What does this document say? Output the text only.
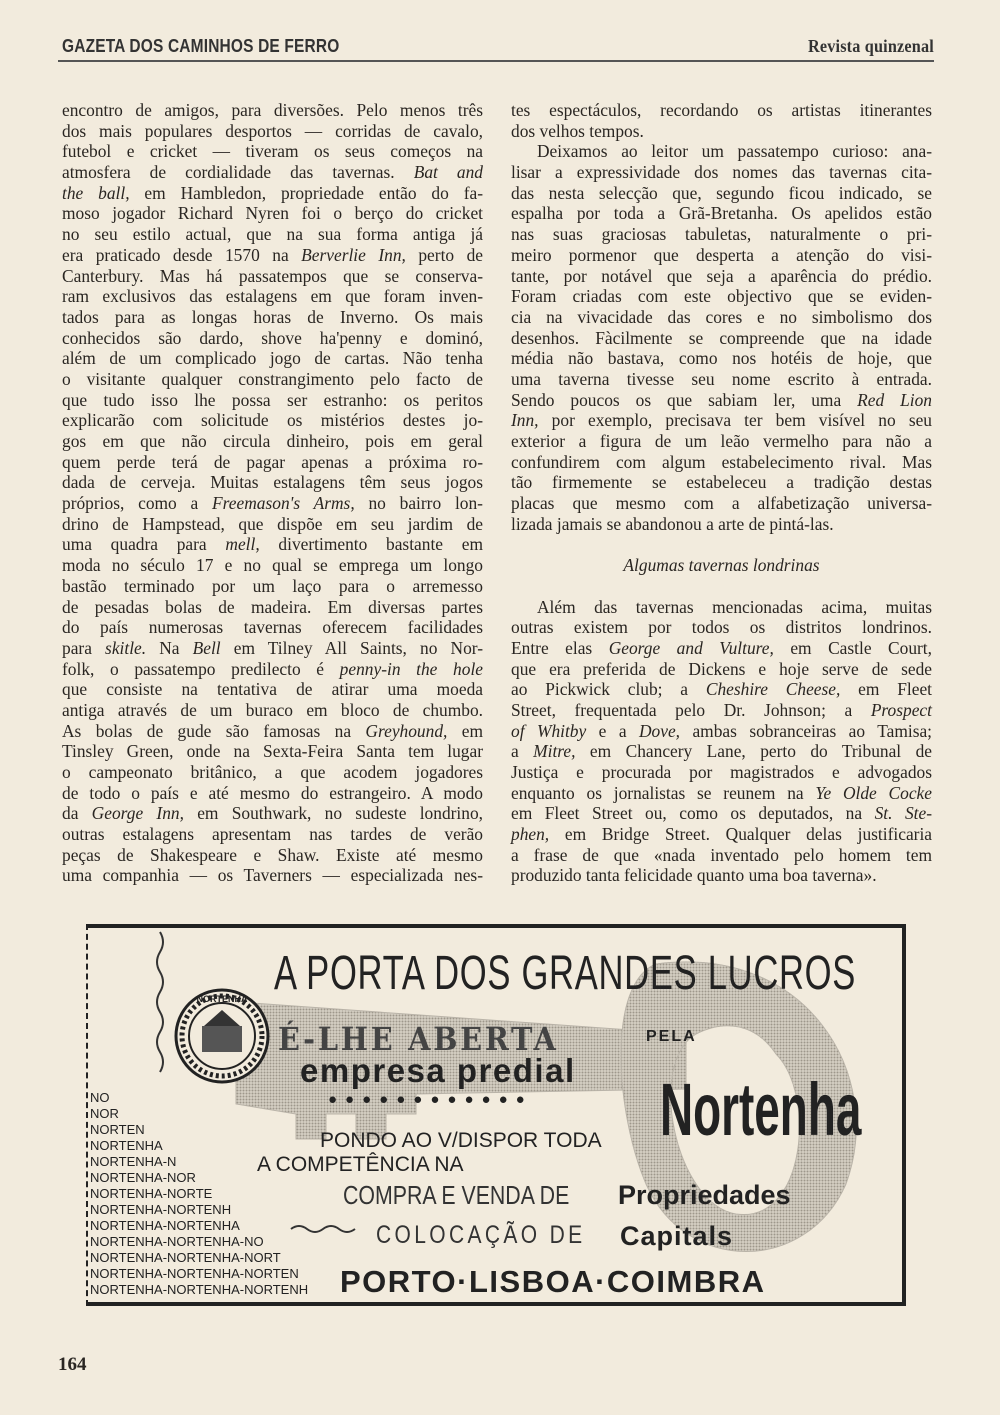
GAZETA DOS CAMINHOS DE FERRO	Revista quinzenal
encontro de amigos, para diversões. Pelo menos três
dos mais populares desportos — corridas de cavalo,
futebol e cricket — tiveram os seus começos na
atmosfera de cordialidade das tavernas. Bat and
the ball, em Hambledon, propriedade então do fa-
moso jogador Richard Nyren foi o berço do cricket
no seu estilo actual, que na sua forma antiga já
era praticado desde 1570 na Berverlie Inn, perto de
Canterbury. Mas há passatempos que se conserva-
ram exclusivos das estalagens em que foram inven-
tados para as longas horas de Inverno. Os mais
conhecidos são dardo, shove ha'penny e dominó,
além de um complicado jogo de cartas. Não tenha
o visitante qualquer constrangimento pelo facto de
que tudo isso lhe possa ser estranho: os peritos
explicarão com solicitude os mistérios destes jo-
gos em que não circula dinheiro, pois em geral
quem perde terá de pagar apenas a próxima ro-
dada de cerveja. Muitas estalagens têm seus jogos
próprios, como a Freemason's Arms, no bairro lon-
drino de Hampstead, que dispõe em seu jardim de
uma quadra para mell, divertimento bastante em
moda no século 17 e no qual se emprega um longo
bastão terminado por um laço para o arremesso
de pesadas bolas de madeira. Em diversas partes
do país numerosas tavernas oferecem facilidades
para skitle. Na Bell em Tilney All Saints, no Nor-
folk, o passatempo predilecto é penny-in the hole
que consiste na tentativa de atirar uma moeda
antiga através de um buraco em bloco de chumbo.
As bolas de gude são famosas na Greyhound, em
Tinsley Green, onde na Sexta-Feira Santa tem lugar
o campeonato britânico, a que acodem jogadores
de todo o país e até mesmo do estrangeiro. A modo
da George Inn, em Southwark, no sudeste londrino,
outras estalagens apresentam nas tardes de verão
peças de Shakespeare e Shaw. Existe até mesmo
uma companhia — os Taverners — especializada nes-
tes espectáculos, recordando os artistas itinerantes
dos velhos tempos.
Deixamos ao leitor um passatempo curioso: ana-
lisar a expressividade dos nomes das tavernas cita-
das nesta selecção que, segundo ficou indicado, se
espalha por toda a Grã-Bretanha. Os apelidos estão
nas suas graciosas tabuletas, naturalmente o pri-
meiro pormenor que desperta a atenção do visi-
tante, por notável que seja a aparência do prédio.
Foram criadas com este objectivo que se eviden-
cia na vivacidade das cores e no simbolismo dos
desenhos. Fàcilmente se compreende que na idade
média não bastava, como nos hotéis de hoje, que
uma taverna tivesse seu nome escrito à entrada.
Sendo poucos os que sabiam ler, uma Red Lion
Inn, por exemplo, precisava ter bem visível no seu
exterior a figura de um leão vermelho para não a
confundirem com algum estabelecimento rival. Mas
tão firmemente se estabeleceu a tradição destas
placas que mesmo com a alfabetização universa-
lizada jamais se abandonou a arte de pintá-las.
Algumas tavernas londrinas
Além das tavernas mencionadas acima, muitas
outras existem por todos os distritos londrinos.
Entre elas George and Vulture, em Castle Court,
que era preferida de Dickens e hoje serve de sede
ao Pickwick club; a Cheshire Cheese, em Fleet
Street, frequentada pelo Dr. Johnson; a Prospect
of Whitby e a Dove, ambas sobranceiras ao Tamisa;
a Mitre, em Chancery Lane, perto do Tribunal de
Justiça e procurada por magistrados e advogados
enquanto os jornalistas se reunem na Ye Olde Cocke
em Fleet Street ou, como os deputados, na St. Ste-
phen, em Bridge Street. Qualquer delas justificaria
a frase de que «nada inventado pelo homem tem
produzido tanta felicidade quanto uma boa taverna».
NO
NOR
NORTEN
NORTENHA
NORTENHA-N
NORTENHA-NOR
NORTENHA-NORTE
NORTENHA-NORTENH
NORTENHA-NORTENHA
NORTENHA-NORTENHA-NO
NORTENHA-NORTENHA-NORT
NORTENHA-NORTENHA-NORTEN
NORTENHA-NORTENHA-NORTENH
NORTENHA A PORTA DOS GRANDES LUCROS
É-LHE ABERTA	PELA
empresa predial
●●●●●●●●●●●● Nortenha
PONDO AO V/DISPOR TODA
A COMPETÊNCIA NA
COMPRA E VENDA DE Propriedades
COLOCAÇÃO DE Capitals
PORTO·LISBOA·COIMBRA
164
